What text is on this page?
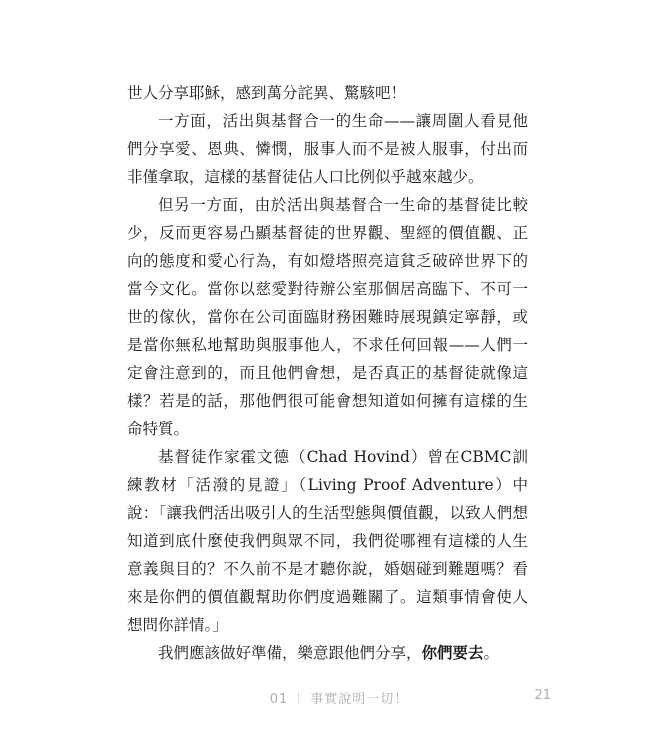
世人分享耶穌，感到萬分詫異、驚駭吧！

一方面，活出與基督合一的生命——讓周圍人看見他們分享愛、恩典、憐憫，服事人而不是被人服事，付出而非僅拿取，這樣的基督徒佔人口比例似乎越來越少。

但另一方面，由於活出與基督合一生命的基督徒比較少，反而更容易凸顯基督徒的世界觀、聖經的價值觀、正向的態度和愛心行為，有如燈塔照亮這貧乏破碎世界下的當今文化。當你以慈愛對待辦公室那個居高臨下、不可一世的傢伙，當你在公司面臨財務困難時展現鎮定寧靜，或是當你無私地幫助與服事他人，不求任何回報——人們一定會注意到的，而且他們會想，是否真正的基督徒就像這樣？若是的話，那他們很可能會想知道如何擁有這樣的生命特質。

基督徒作家霍文德（Chad Hovind）曾在CBMC訓練教材「活潑的見證」（Living Proof Adventure）中說：「讓我們活出吸引人的生活型態與價值觀，以致人們想知道到底什麼使我們與眾不同，我們從哪裡有這樣的人生意義與目的？不久前不是才聽你說，婚姻碰到難題嗎？看來是你們的價值觀幫助你們度過難關了。這類事情會使人想問你詳情。」

我們應該做好準備，樂意跟他們分享，你們要去。

01 ｜ 事實說明一切！	21
